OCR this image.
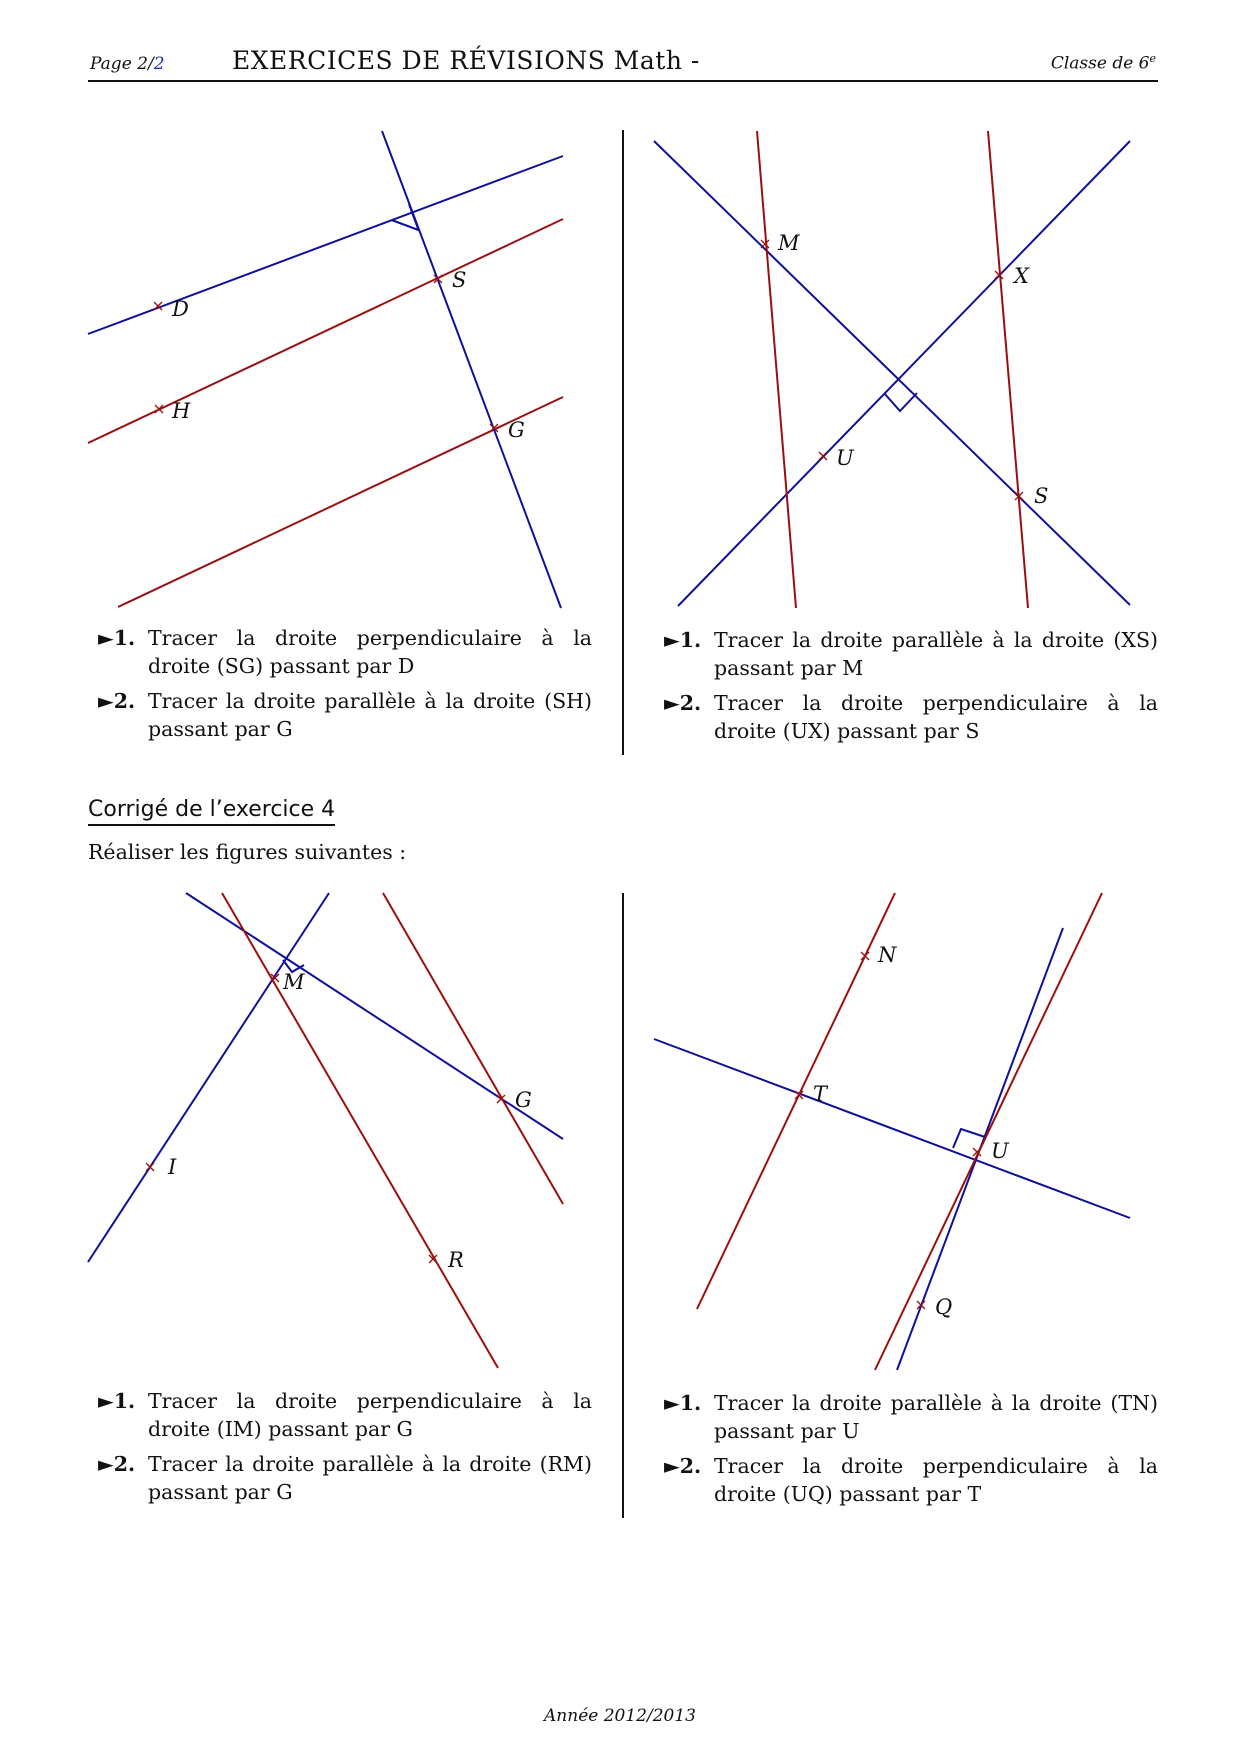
Page 2/2	EXERCICES DE RÉVISIONS Math -	Classe de 6e
D
H
S
G
M
X
U
S
►1. Tracer la droite perpendiculaire à la droite (SG) passant par D
►2. Tracer la droite parallèle à la droite (SH) passant par G
►1. Tracer la droite parallèle à la droite (XS) passant par M
►2. Tracer la droite perpendiculaire à la droite (UX) passant par S
Corrigé de l’exercice 4
Réaliser les figures suivantes :
M
G
I
R
N
T
U
Q
►1. Tracer la droite perpendiculaire à la droite (IM) passant par G
►2. Tracer la droite parallèle à la droite (RM) passant par G
►1. Tracer la droite parallèle à la droite (TN) passant par U
►2. Tracer la droite perpendiculaire à la droite (UQ) passant par T
Année 2012/2013
